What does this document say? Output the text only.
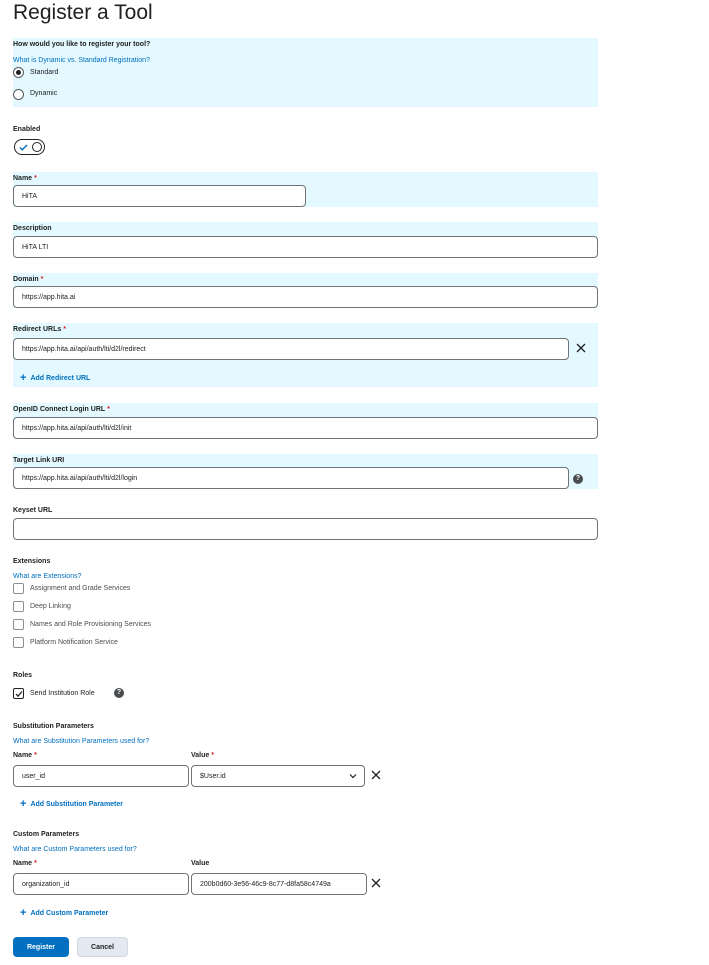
Register a Tool
How would you like to register your tool?
What is Dynamic vs. Standard Registration?
Standard
Dynamic
Enabled
Name *
HiTA
Description
HiTA LTI
Domain *
https://app.hita.ai
Redirect URLs *
https://app.hita.ai/api/auth/lti/d2l/redirect
+ Add Redirect URL
OpenID Connect Login URL *
https://app.hita.ai/api/auth/lti/d2l/init
Target Link URI
https://app.hita.ai/api/auth/lti/d2l/login	?
Keyset URL
Extensions
What are Extensions?
Assignment and Grade Services
Deep Linking
Names and Role Provisioning Services
Platform Notification Service
Roles
Send Institution Role	?
Substitution Parameters
What are Substitution Parameters used for?
Name *	Value *
user_id	$User.id
+ Add Substitution Parameter
Custom Parameters
What are Custom Parameters used for?
Name *	Value
organization_id	200b0d60-3e56-46c9-8c77-d8fa58c4749a
+ Add Custom Parameter
Register	Cancel
